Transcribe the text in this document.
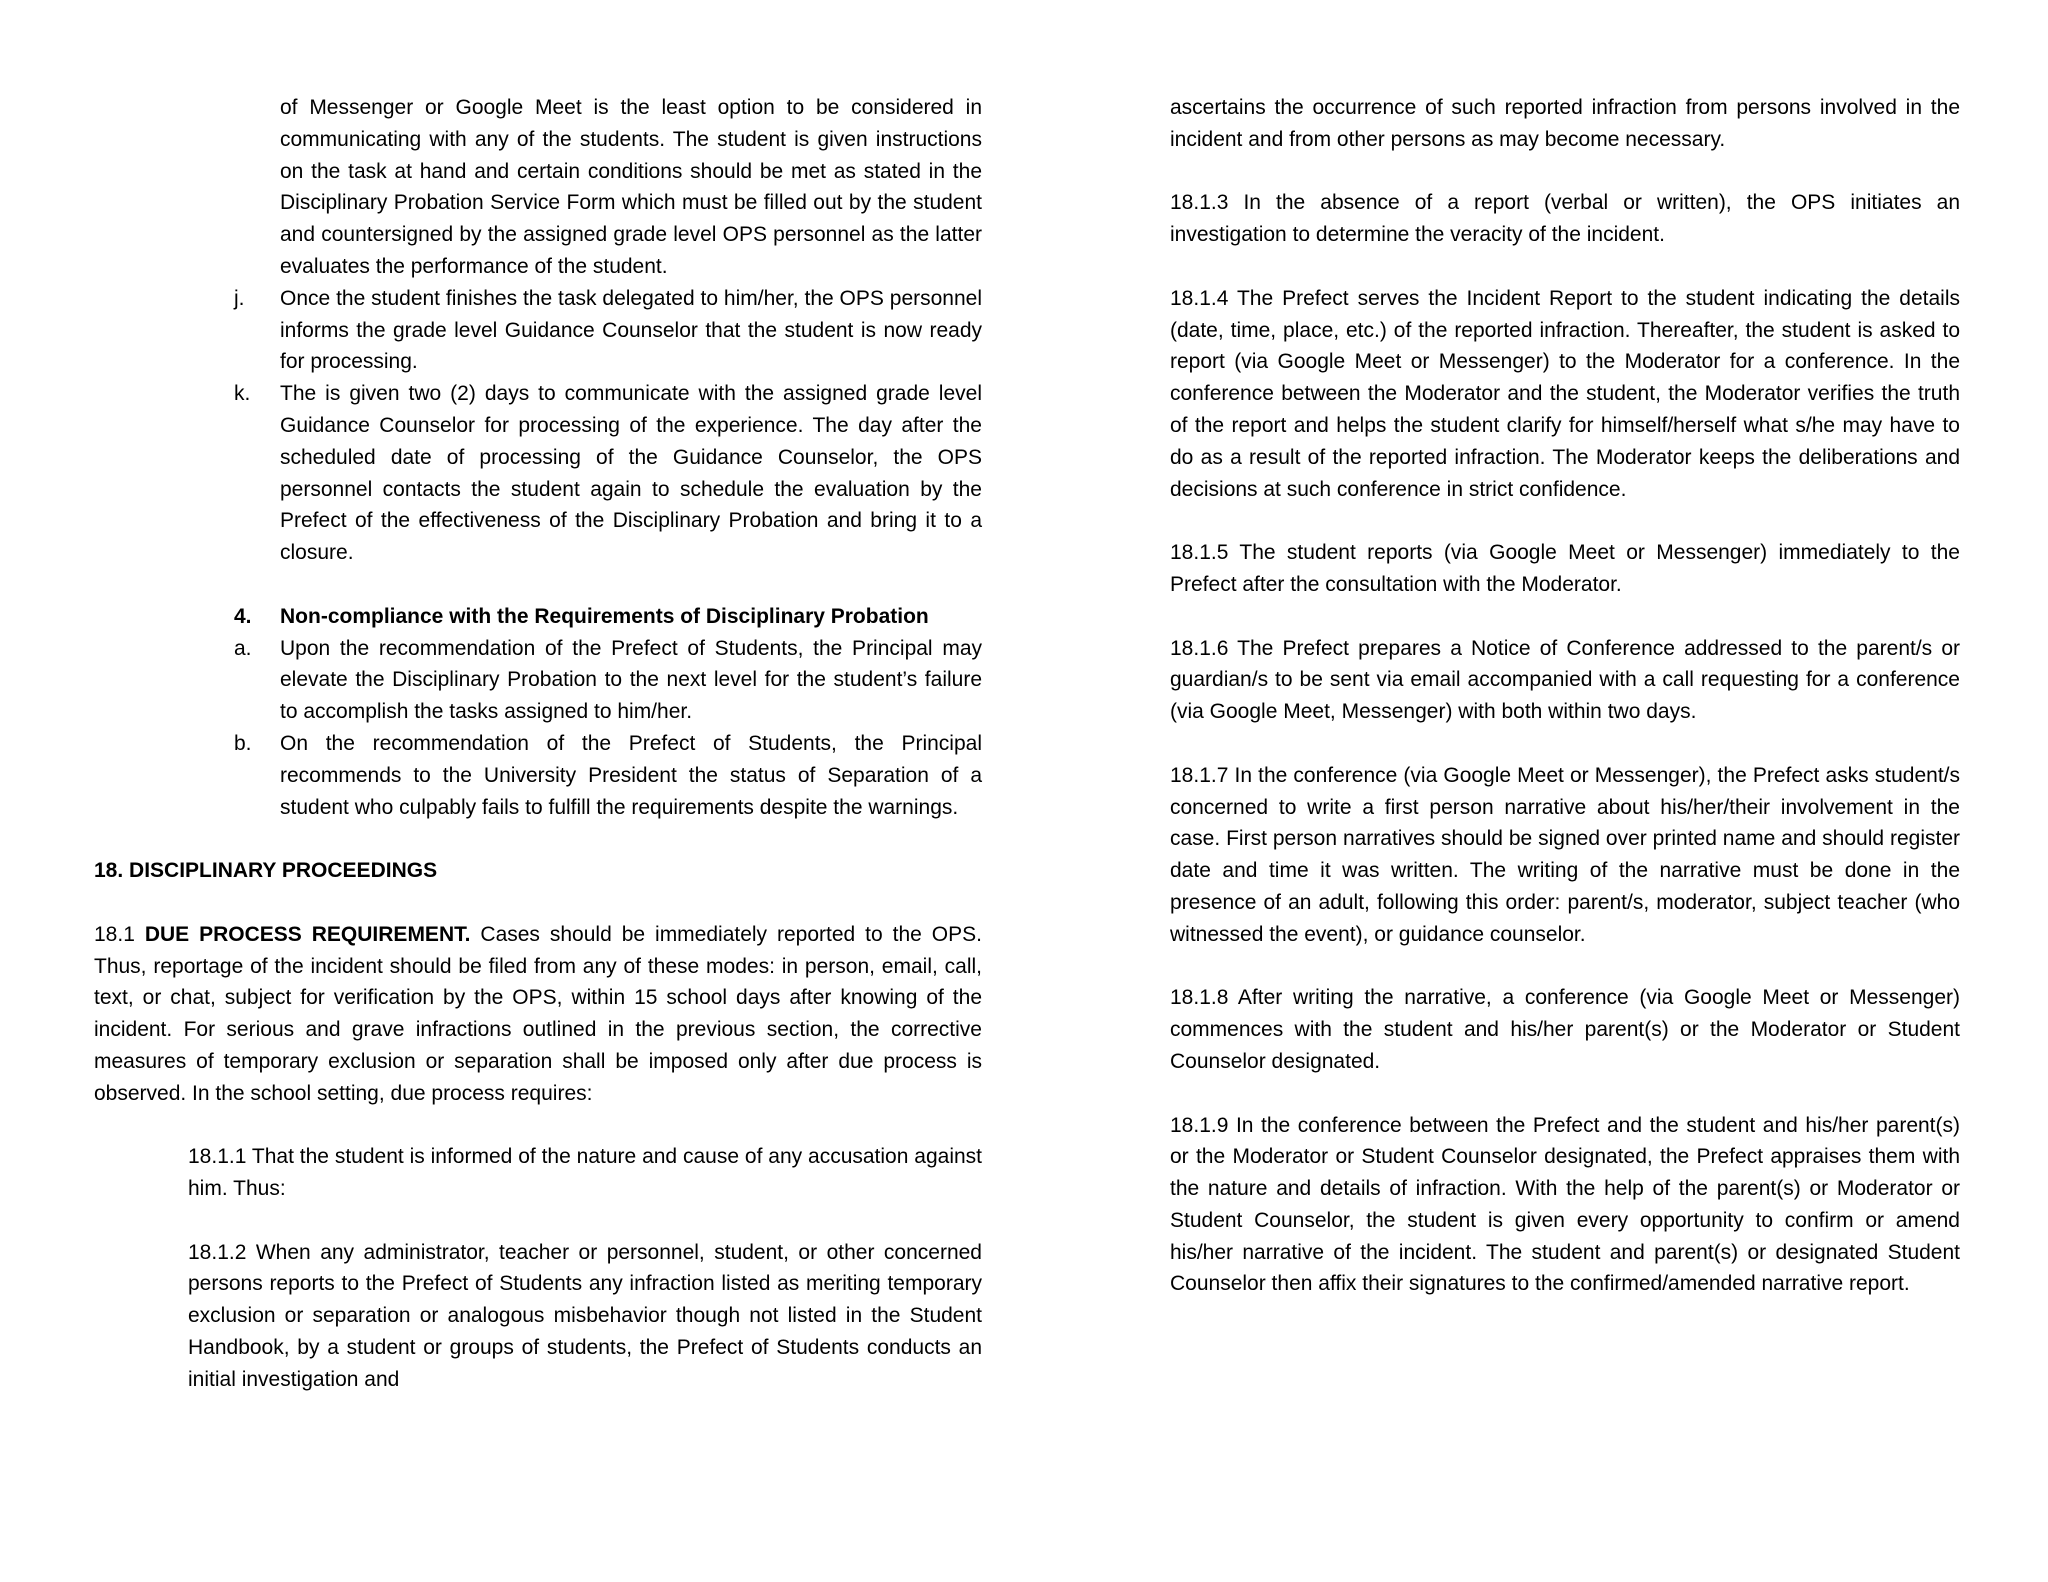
of Messenger or Google Meet is the least option to be considered in communicating with any of the students. The student is given instructions on the task at hand and certain conditions should be met as stated in the Disciplinary Probation Service Form which must be filled out by the student and countersigned by the assigned grade level OPS personnel as the latter evaluates the performance of the student.

j.	Once the student finishes the task delegated to him/her, the OPS personnel informs the grade level Guidance Counselor that the student is now ready for processing.
k.	The is given two (2) days to communicate with the assigned grade level Guidance Counselor for processing of the experience. The day after the scheduled date of processing of the Guidance Counselor, the OPS personnel contacts the student again to schedule the evaluation by the Prefect of the effectiveness of the Disciplinary Probation and bring it to a closure.
4.	Non-compliance with the Requirements of Disciplinary Probation
a.	Upon the recommendation of the Prefect of Students, the Principal may elevate the Disciplinary Probation to the next level for the student’s failure to accomplish the tasks assigned to him/her.
b.	On the recommendation of the Prefect of Students, the Principal recommends to the University President the status of Separation of a student who culpably fails to fulfill the requirements despite the warnings.

18. DISCIPLINARY PROCEEDINGS

18.1 DUE PROCESS REQUIREMENT. Cases should be immediately reported to the OPS. Thus, reportage of the incident should be filed from any of these modes: in person, email, call, text, or chat, subject for verification by the OPS, within 15 school days after knowing of the incident. For serious and grave infractions outlined in the previous section, the corrective measures of temporary exclusion or separation shall be imposed only after due process is observed. In the school setting, due process requires:

18.1.1 That the student is informed of the nature and cause of any accusation against him. Thus:

18.1.2 When any administrator, teacher or personnel, student, or other concerned persons reports to the Prefect of Students any infraction listed as meriting temporary exclusion or separation or analogous misbehavior though not listed in the Student Handbook, by a student or groups of students, the Prefect of Students conducts an initial investigation and

ascertains the occurrence of such reported infraction from persons involved in the incident and from other persons as may become necessary.

18.1.3 In the absence of a report (verbal or written), the OPS initiates an investigation to determine the veracity of the incident.

18.1.4 The Prefect serves the Incident Report to the student indicating the details (date, time, place, etc.) of the reported infraction. Thereafter, the student is asked to report (via Google Meet or Messenger) to the Moderator for a conference. In the conference between the Moderator and the student, the Moderator verifies the truth of the report and helps the student clarify for himself/herself what s/he may have to do as a result of the reported infraction. The Moderator keeps the deliberations and decisions at such conference in strict confidence.

18.1.5 The student reports (via Google Meet or Messenger) immediately to the Prefect after the consultation with the Moderator.

18.1.6 The Prefect prepares a Notice of Conference addressed to the parent/s or guardian/s to be sent via email accompanied with a call requesting for a conference (via Google Meet, Messenger) with both within two days.

18.1.7 In the conference (via Google Meet or Messenger), the Prefect asks student/s concerned to write a first person narrative about his/her/their involvement in the case. First person narratives should be signed over printed name and should register date and time it was written. The writing of the narrative must be done in the presence of an adult, following this order: parent/s, moderator, subject teacher (who witnessed the event), or guidance counselor.

18.1.8 After writing the narrative, a conference (via Google Meet or Messenger) commences with the student and his/her parent(s) or the Moderator or Student Counselor designated.

18.1.9 In the conference between the Prefect and the student and his/her parent(s) or the Moderator or Student Counselor designated, the Prefect appraises them with the nature and details of infraction. With the help of the parent(s) or Moderator or Student Counselor, the student is given every opportunity to confirm or amend his/her narrative of the incident. The student and parent(s) or designated Student Counselor then affix their signatures to the confirmed/amended narrative report.
